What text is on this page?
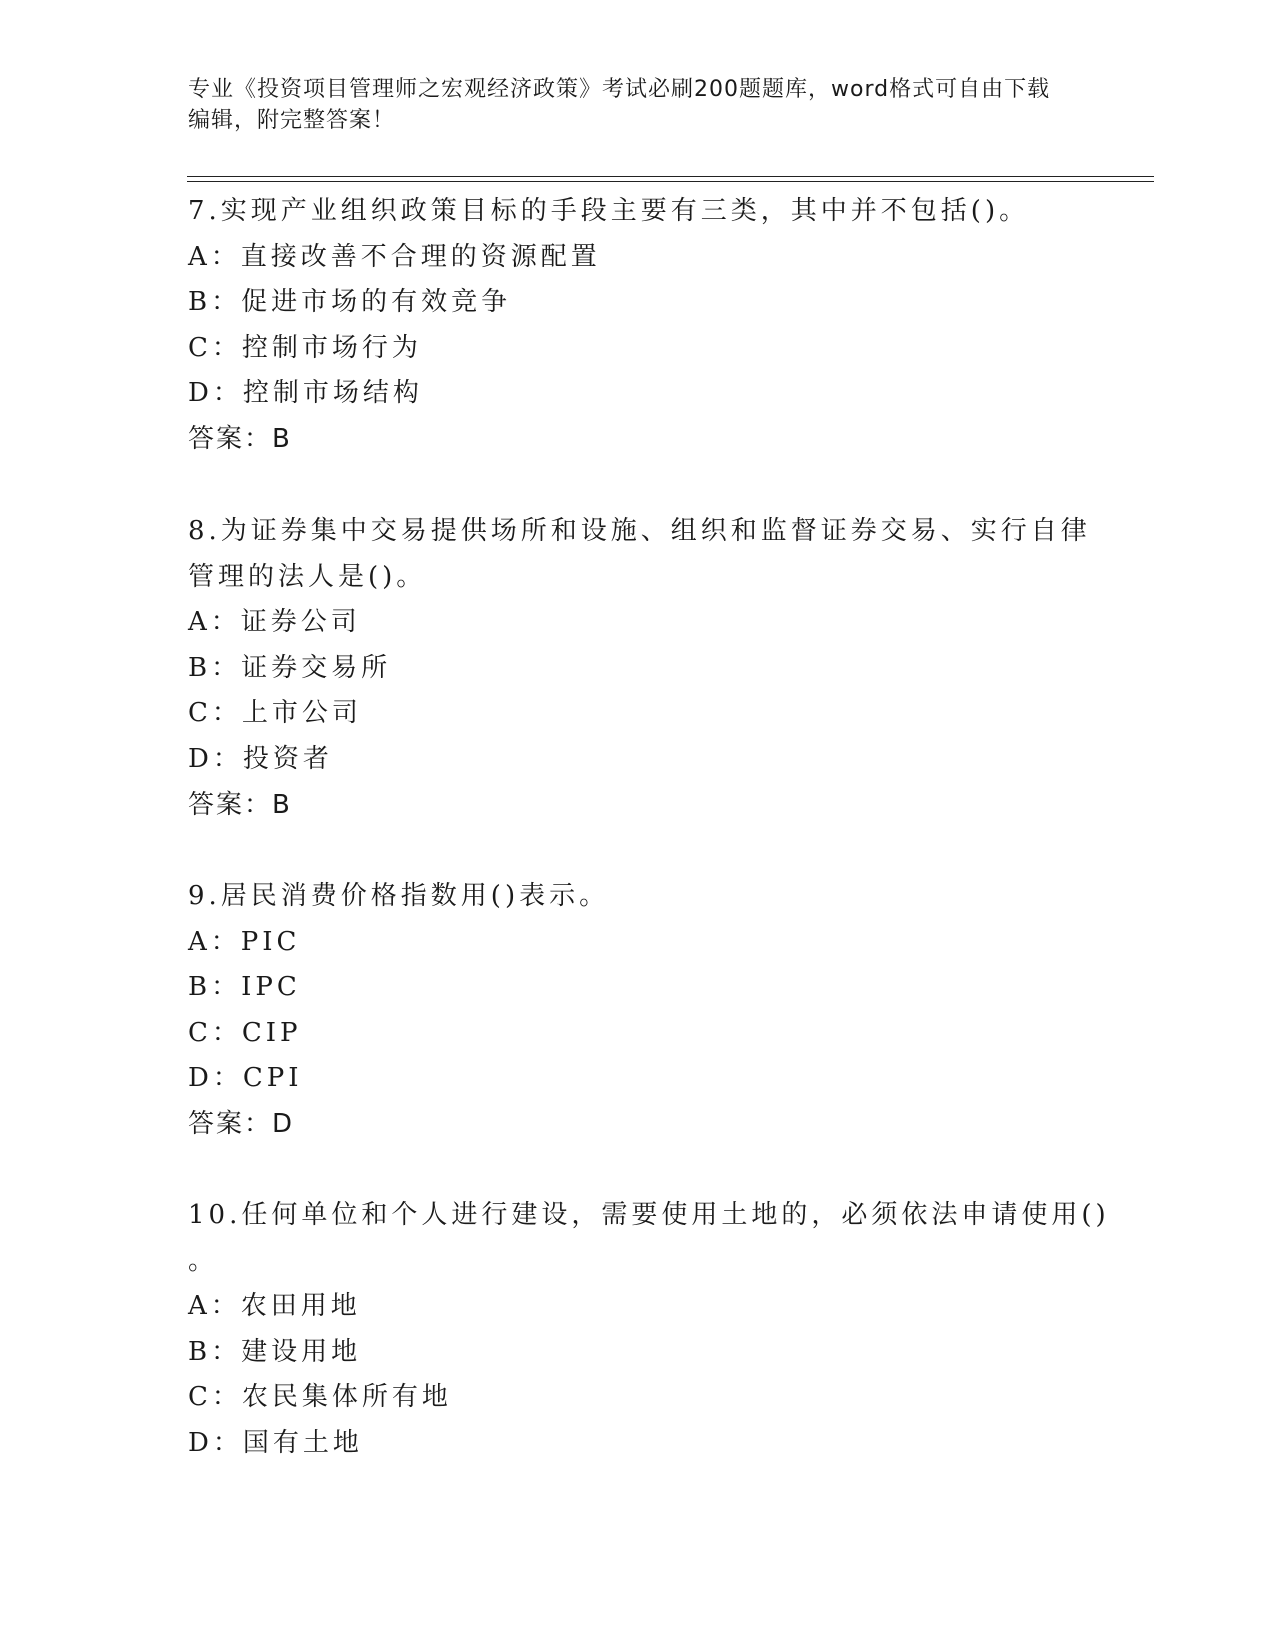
专业《投资项目管理师之宏观经济政策》考试必刷200题题库，word格式可自由下载编辑，附完整答案！
7.实现产业组织政策目标的手段主要有三类，其中并不包括()。
A：直接改善不合理的资源配置
B：促进市场的有效竞争
C：控制市场行为
D：控制市场结构
答案：B
8.为证券集中交易提供场所和设施、组织和监督证券交易、实行自律
管理的法人是()。
A：证券公司
B：证券交易所
C：上市公司
D：投资者
答案：B
9.居民消费价格指数用()表示。
A：PIC
B：IPC
C：CIP
D：CPI
答案：D
10.任何单位和个人进行建设，需要使用土地的，必须依法申请使用()
。
A：农田用地
B：建设用地
C：农民集体所有地
D：国有土地
